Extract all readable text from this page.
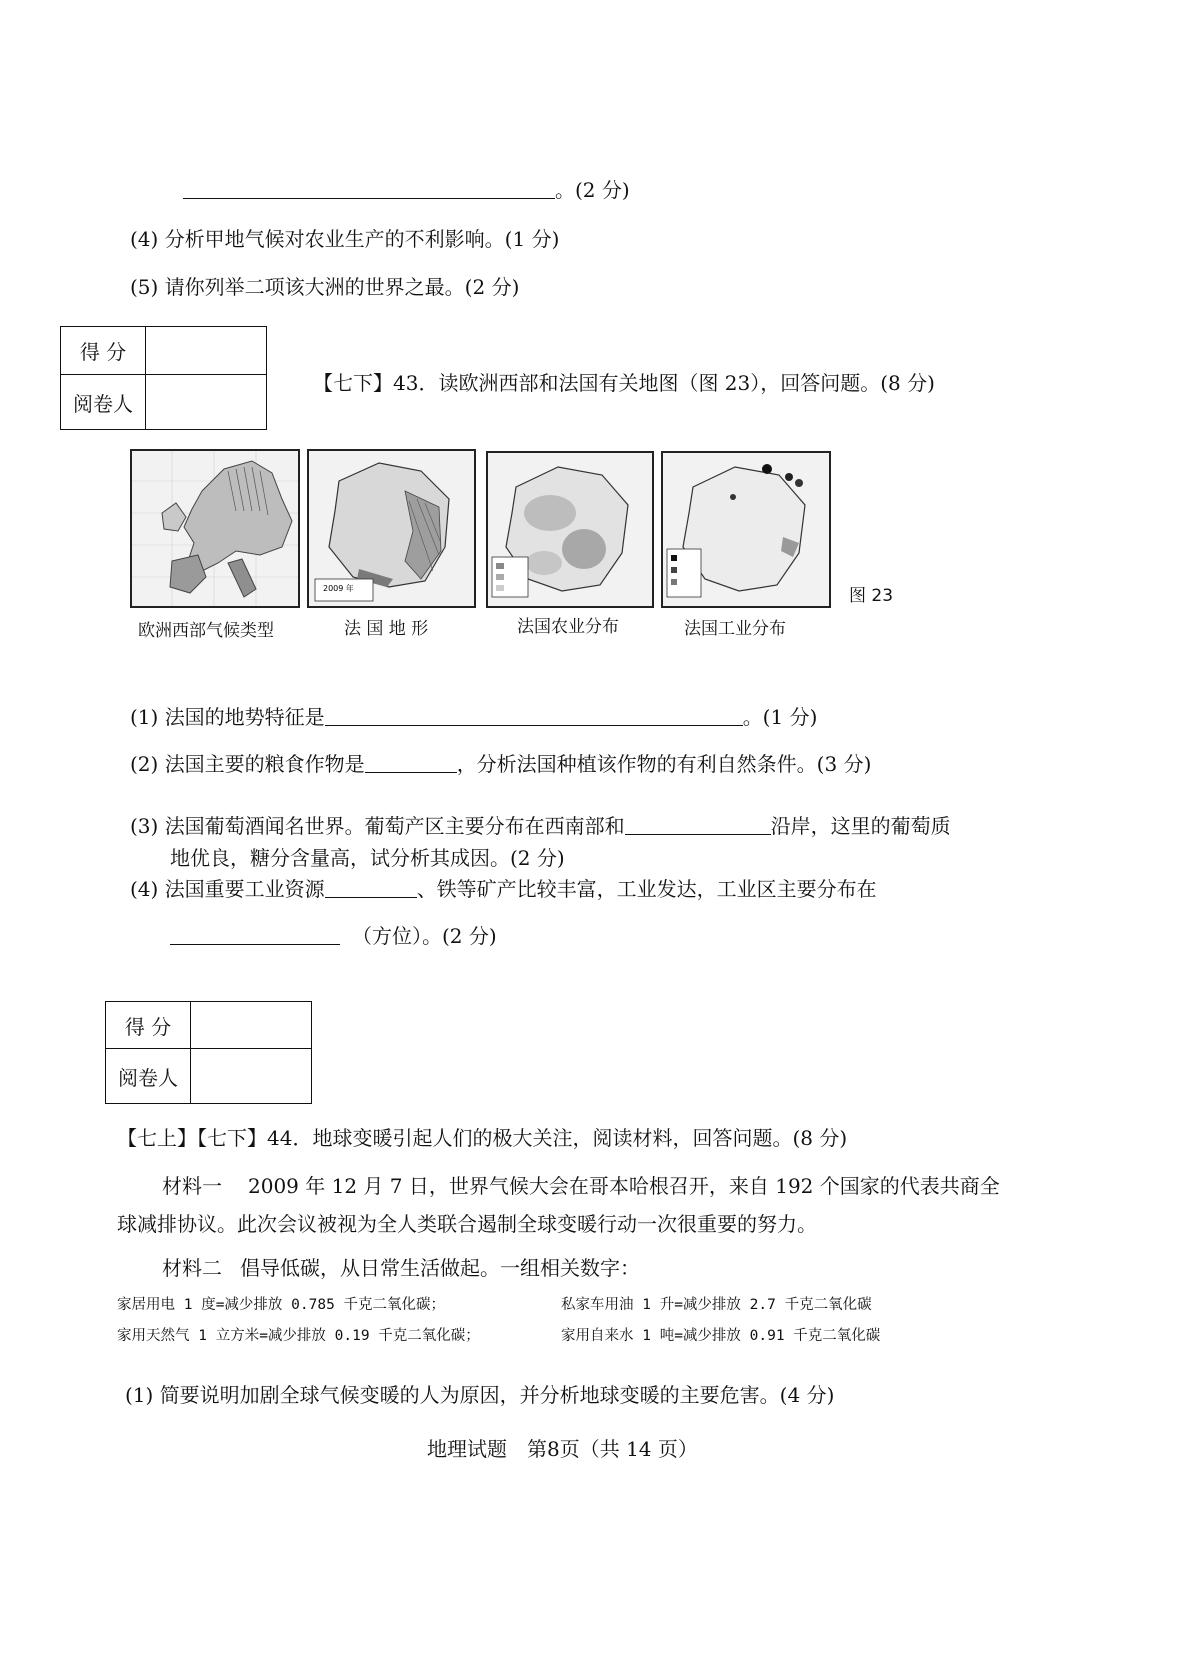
。(2 分)
(4) 分析甲地气候对农业生产的不利影响。(1 分)
(5) 请你列举二项该大洲的世界之最。(2 分)
得 分	
阅卷人	
【七下】43．读欧洲西部和法国有关地图（图 23），回答问题。(8 分)
2009 年	图 23
欧洲西部气候类型	法 国 地 形	法国农业分布	法国工业分布
(1) 法国的地势特征是	。(1 分)
(2) 法国主要的粮食作物是	，分析法国种植该作物的有利自然条件。(3 分)
(3) 法国葡萄酒闻名世界。葡萄产区主要分布在西南部和	沿岸，这里的葡萄质
地优良，糖分含量高，试分析其成因。(2 分)
(4) 法国重要工业资源	、铁等矿产比较丰富，工业发达，工业区主要分布在
（方位）。(2 分)
得 分	
阅卷人	
【七上】【七下】44．地球变暖引起人们的极大关注，阅读材料，回答问题。(8 分)
材料一 2009 年 12 月 7 日，世界气候大会在哥本哈根召开，来自 192 个国家的代表共商全
球减排协议。此次会议被视为全人类联合遏制全球变暖行动一次很重要的努力。
材料二 倡导低碳，从日常生活做起。一组相关数字：
家居用电 1 度=减少排放 0.785 千克二氧化碳；	私家车用油 1 升=减少排放 2.7 千克二氧化碳
家用天然气 1 立方米=减少排放 0.19 千克二氧化碳；	家用自来水 1 吨=减少排放 0.91 千克二氧化碳
(1) 简要说明加剧全球气候变暖的人为原因，并分析地球变暖的主要危害。(4 分)
地理试题　第8页（共 14 页）
